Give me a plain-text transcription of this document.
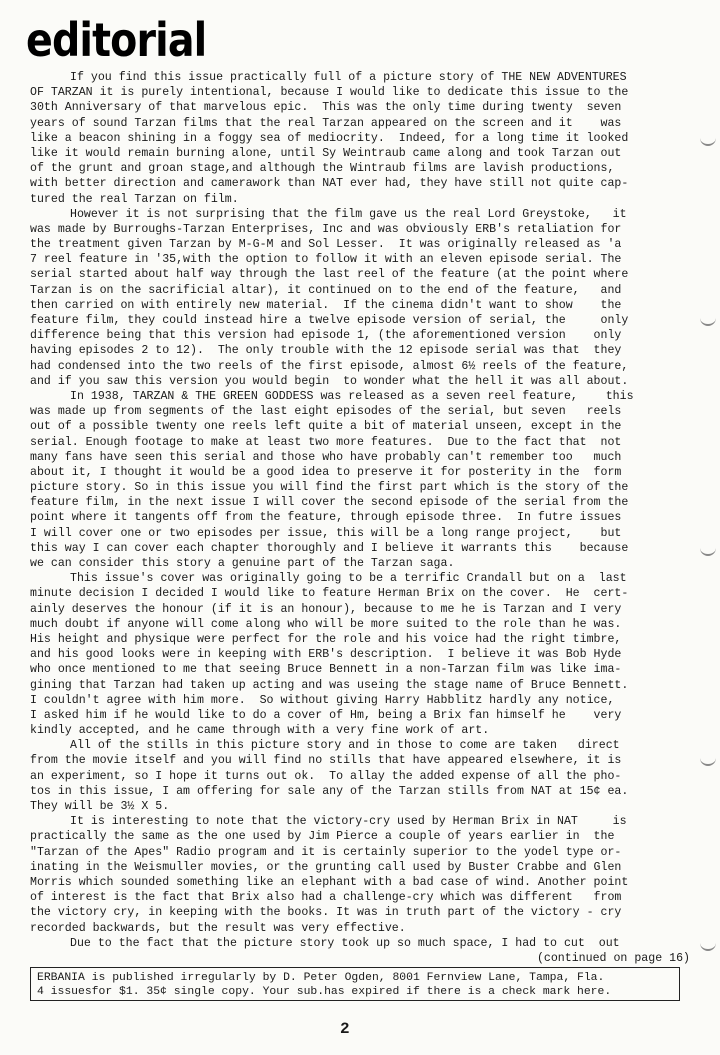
editorial
If you find this issue practically full of a picture story of THE NEW ADVENTURES
OF TARZAN it is purely intentional, because I would like to dedicate this issue to the
30th Anniversary of that marvelous epic.  This was the only time during twenty  seven
years of sound Tarzan films that the real Tarzan appeared on the screen and it    was
like a beacon shining in a foggy sea of mediocrity.  Indeed, for a long time it looked
like it would remain burning alone, until Sy Weintraub came along and took Tarzan out
of the grunt and groan stage,and although the Wintraub films are lavish productions,
with better direction and camerawork than NAT ever had, they have still not quite cap-
tured the real Tarzan on film.
However it is not surprising that the film gave us the real Lord Greystoke,   it
was made by Burroughs-Tarzan Enterprises, Inc and was obviously ERB's retaliation for
the treatment given Tarzan by M-G-M and Sol Lesser.  It was originally released as 'a
7 reel feature in '35,with the option to follow it with an eleven episode serial. The
serial started about half way through the last reel of the feature (at the point where
Tarzan is on the sacrificial altar), it continued on to the end of the feature,   and
then carried on with entirely new material.  If the cinema didn't want to show    the
feature film, they could instead hire a twelve episode version of serial, the     only
difference being that this version had episode 1, (the aforementioned version    only
having episodes 2 to 12).  The only trouble with the 12 episode serial was that  they
had condensed into the two reels of the first episode, almost 6½ reels of the feature,
and if you saw this version you would begin  to wonder what the hell it was all about.
In 1938, TARZAN & THE GREEN GODDESS was released as a seven reel feature,    this
was made up from segments of the last eight episodes of the serial, but seven   reels
out of a possible twenty one reels left quite a bit of material unseen, except in the
serial. Enough footage to make at least two more features.  Due to the fact that  not
many fans have seen this serial and those who have probably can't remember too   much
about it, I thought it would be a good idea to preserve it for posterity in the  form
picture story. So in this issue you will find the first part which is the story of the
feature film, in the next issue I will cover the second episode of the serial from the
point where it tangents off from the feature, through episode three.  In futre issues
I will cover one or two episodes per issue, this will be a long range project,    but
this way I can cover each chapter thoroughly and I believe it warrants this    because
we can consider this story a genuine part of the Tarzan saga.
This issue's cover was originally going to be a terrific Crandall but on a  last
minute decision I decided I would like to feature Herman Brix on the cover.  He  cert-
ainly deserves the honour (if it is an honour), because to me he is Tarzan and I very
much doubt if anyone will come along who will be more suited to the role than he was.
His height and physique were perfect for the role and his voice had the right timbre,
and his good looks were in keeping with ERB's description.  I believe it was Bob Hyde
who once mentioned to me that seeing Bruce Bennett in a non-Tarzan film was like ima-
gining that Tarzan had taken up acting and was useing the stage name of Bruce Bennett.
I couldn't agree with him more.  So without giving Harry Habblitz hardly any notice,
I asked him if he would like to do a cover of Hm, being a Brix fan himself he    very
kindly accepted, and he came through with a very fine work of art.
All of the stills in this picture story and in those to come are taken   direct
from the movie itself and you will find no stills that have appeared elsewhere, it is
an experiment, so I hope it turns out ok.  To allay the added expense of all the pho-
tos in this issue, I am offering for sale any of the Tarzan stills from NAT at 15¢ ea.
They will be 3½ X 5.
It is interesting to note that the victory-cry used by Herman Brix in NAT     is
practically the same as the one used by Jim Pierce a couple of years earlier in  the
"Tarzan of the Apes" Radio program and it is certainly superior to the yodel type or-
inating in the Weismuller movies, or the grunting call used by Buster Crabbe and Glen
Morris which sounded something like an elephant with a bad case of wind. Another point
of interest is the fact that Brix also had a challenge-cry which was different   from
the victory cry, in keeping with the books. It was in truth part of the victory - cry
recorded backwards, but the result was very effective.
Due to the fact that the picture story took up so much space, I had to cut  out
(continued on page 16)
ERBANIA is published irregularly by D. Peter Ogden, 8001 Fernview Lane, Tampa, Fla.
4 issuesfor $1. 35¢ single copy. Your sub.has expired if there is a check mark here.
2
